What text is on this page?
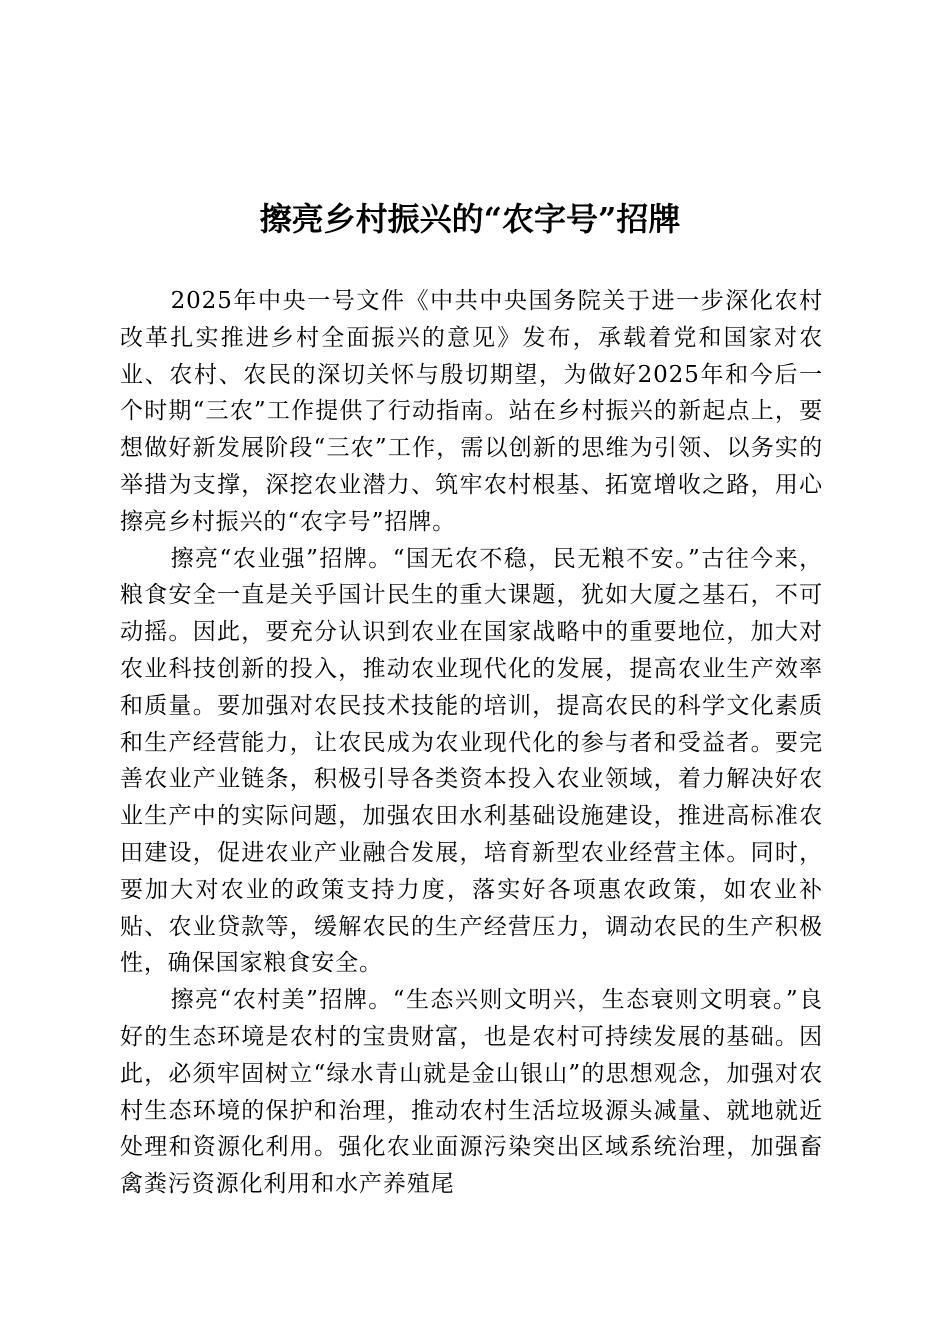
擦亮乡村振兴的“农字号”招牌

2025年中央一号文件《中共中央国务院关于进一步深化农村改革扎实推进乡村全面振兴的意见》发布，承载着党和国家对农业、农村、农民的深切关怀与殷切期望，为做好2025年和今后一个时期“三农”工作提供了行动指南。站在乡村振兴的新起点上，要想做好新发展阶段“三农”工作，需以创新的思维为引领、以务实的举措为支撑，深挖农业潜力、筑牢农村根基、拓宽增收之路，用心擦亮乡村振兴的“农字号”招牌。

擦亮“农业强”招牌。“国无农不稳，民无粮不安。”古往今来，粮食安全一直是关乎国计民生的重大课题，犹如大厦之基石，不可动摇。因此，要充分认识到农业在国家战略中的重要地位，加大对农业科技创新的投入，推动农业现代化的发展，提高农业生产效率和质量。要加强对农民技术技能的培训，提高农民的科学文化素质和生产经营能力，让农民成为农业现代化的参与者和受益者。要完善农业产业链条，积极引导各类资本投入农业领域，着力解决好农业生产中的实际问题，加强农田水利基础设施建设，推进高标准农田建设，促进农业产业融合发展，培育新型农业经营主体。同时，要加大对农业的政策支持力度，落实好各项惠农政策，如农业补贴、农业贷款等，缓解农民的生产经营压力，调动农民的生产积极性，确保国家粮食安全。

擦亮“农村美”招牌。“生态兴则文明兴，生态衰则文明衰。”良好的生态环境是农村的宝贵财富，也是农村可持续发展的基础。因此，必须牢固树立“绿水青山就是金山银山”的思想观念，加强对农村生态环境的保护和治理，推动农村生活垃圾源头减量、就地就近处理和资源化利用。强化农业面源污染突出区域系统治理，加强畜禽粪污资源化利用和水产养殖尾
